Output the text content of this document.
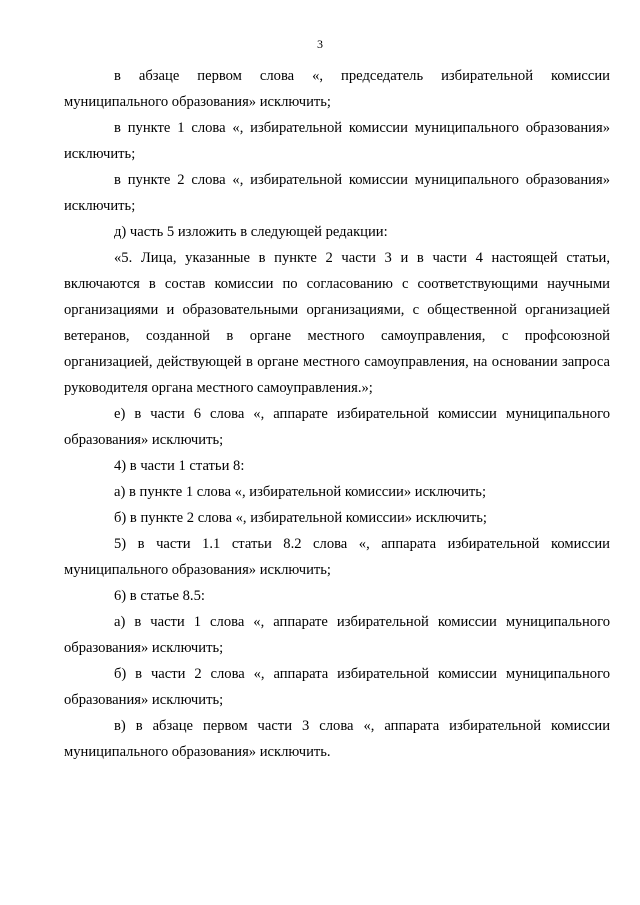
3

в абзаце первом слова «, председатель избирательной комиссии муниципального образования» исключить;

в пункте 1 слова «, избирательной комиссии муниципального образования» исключить;

в пункте 2 слова «, избирательной комиссии муниципального образования» исключить;

д) часть 5 изложить в следующей редакции:

«5. Лица, указанные в пункте 2 части 3 и в части 4 настоящей статьи, включаются в состав комиссии по согласованию с соответствующими научными организациями и образовательными организациями, с общественной организацией ветеранов, созданной в органе местного самоуправления, с профсоюзной организацией, действующей в органе местного самоуправления, на основании запроса руководителя органа местного самоуправления.»;

е) в части 6 слова «, аппарате избирательной комиссии муниципального образования» исключить;

4) в части 1 статьи 8:

а) в пункте 1 слова «, избирательной комиссии» исключить;

б) в пункте 2 слова «, избирательной комиссии» исключить;

5) в части 1.1 статьи 8.2 слова «, аппарата избирательной комиссии муниципального образования» исключить;

6) в статье 8.5:

а) в части 1 слова «, аппарате избирательной комиссии муниципального образования» исключить;

б) в части 2 слова «, аппарата избирательной комиссии муниципального образования» исключить;

в) в абзаце первом части 3 слова «, аппарата избирательной комиссии муниципального образования» исключить.
